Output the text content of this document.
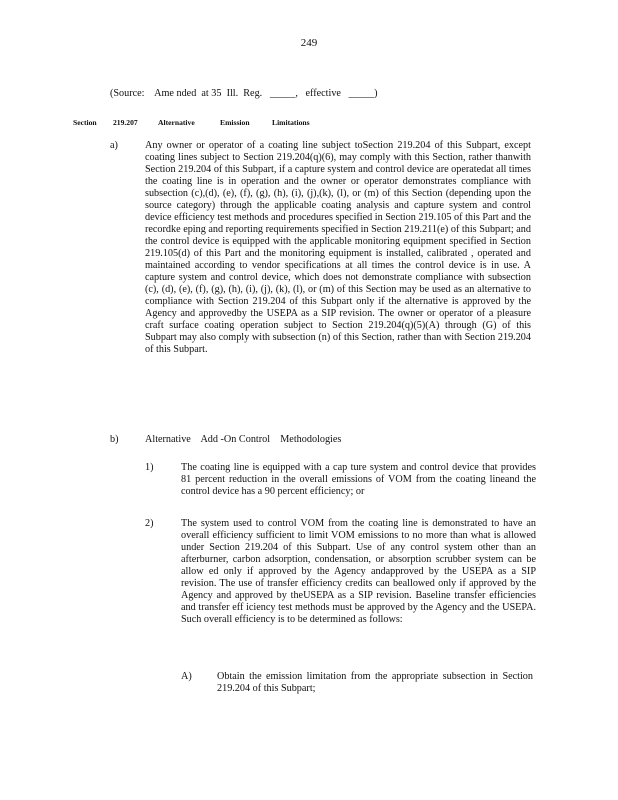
249
(Source:    Ame nded  at 35  Ill.  Reg.   _____,   effective   _____)
Section 219.207	Alternative	Emission	Limitations
a)	Any owner or operator of a coating line subject toSection 219.204 of this Subpart, except coating lines subject to Section 219.204(q)(6), may comply with this Section, rather thanwith Section 219.204 of this Subpart, if a capture system and control device are operatedat all times the coating line is in operation and the owner or operator demonstrates compliance with subsection (c),(d), (e), (f), (g), (h), (i), (j),(k), (l), or (m) of this Section (depending upon the source category) through the applicable coating analysis and capture system and control device efficiency test methods and procedures specified in Section 219.105 of this Part and the recordke eping and reporting requirements specified in Section 219.211(e) of this Subpart; and the control device is equipped with the applicable monitoring equipment specified in Section 219.105(d) of this Part and the monitoring equipment is installed, calibrated , operated and maintained according to vendor specifications at all times the control device is in use. A capture system and control device, which does not demonstrate compliance with subsection (c), (d), (e), (f), (g), (h), (i), (j), (k), (l), or (m) of this Section may be used as an alternative to compliance with Section 219.204 of this Subpart only if the alternative is approved by the Agency and approvedby the USEPA as a SIP revision. The owner or operator of a pleasure craft surface coating operation subject to Section 219.204(q)(5)(A) through (G) of this Subpart may also comply with subsection (n) of this Section, rather than with Section 219.204 of this Subpart.
b)	Alternative    Add -On Control    Methodologies
1)	The coating line is equipped with a cap ture system and control device that provides 81 percent reduction in the overall emissions of VOM from the coating lineand the control device has a 90 percent efficiency; or
2)	The system used to control VOM from the coating line is demonstrated to have an overall efficiency sufficient to limit VOM emissions to no more than what is allowed under Section 219.204 of this Subpart. Use of any control system other than an afterburner, carbon adsorption, condensation, or absorption scrubber system can be allow ed only if approved by the Agency andapproved by the USEPA as a SIP revision. The use of transfer efficiency credits can beallowed only if approved by the Agency and approved by theUSEPA as a SIP revision. Baseline transfer efficiencies and transfer eff iciency test methods must be approved by the Agency and the USEPA. Such overall efficiency is to be determined as follows:
A) Obtain the emission limitation from the appropriate subsection in Section 219.204 of this Subpart;
